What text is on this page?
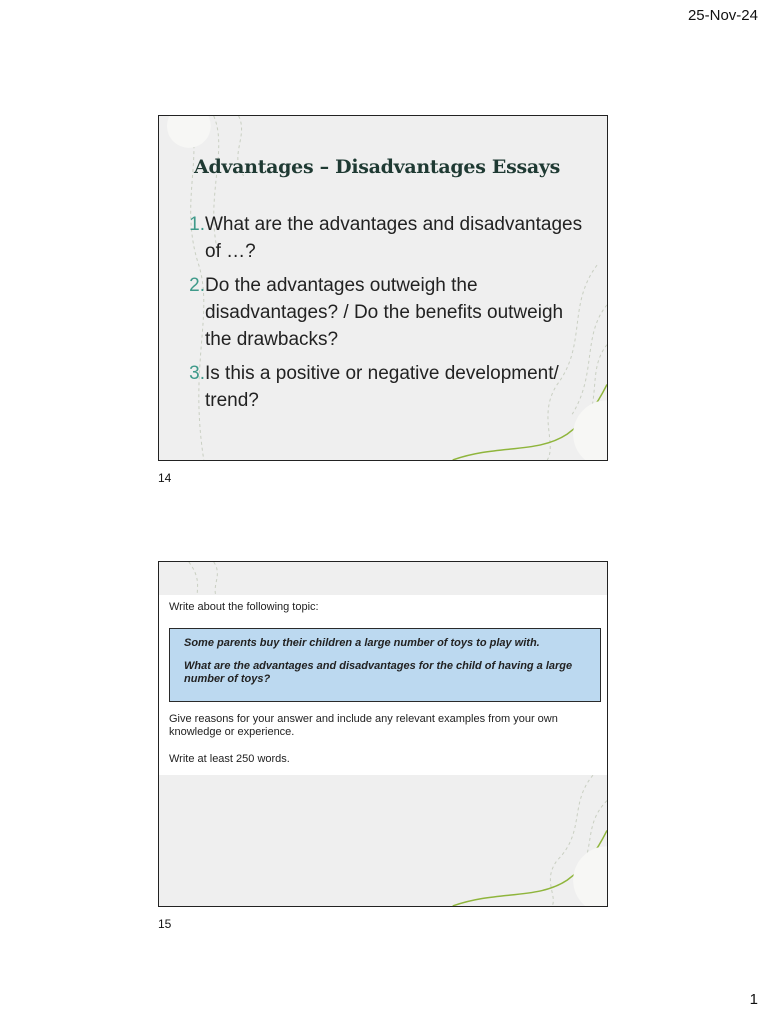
25-Nov-24
Advantages – Disadvantages Essays
1. What are the advantages and disadvantages of …?
2. Do the advantages outweigh the disadvantages? / Do the benefits outweigh the drawbacks?
3. Is this a positive or negative development/ trend?
14
Write about the following topic:

Some parents buy their children a large number of toys to play with.

What are the advantages and disadvantages for the child of having a large number of toys?

Give reasons for your answer and include any relevant examples from your own knowledge or experience.
Write at least 250 words.
15
1
